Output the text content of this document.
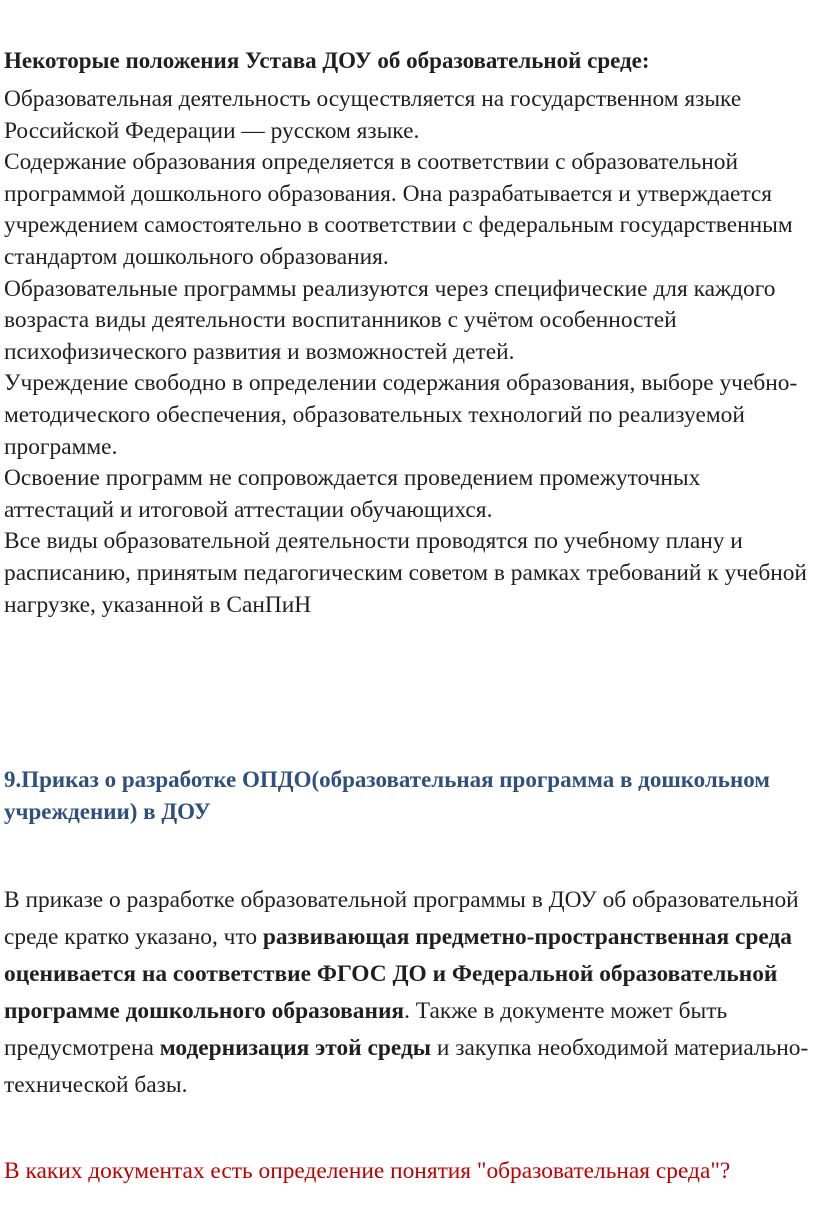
Некоторые положения Устава ДОУ об образовательной среде:

Образовательная деятельность осуществляется на государственном языке Российской Федерации — русском языке.

Содержание образования определяется в соответствии с образовательной программой дошкольного образования. Она разрабатывается и утверждается учреждением самостоятельно в соответствии с федеральным государственным стандартом дошкольного образования.

Образовательные программы реализуются через специфические для каждого возраста виды деятельности воспитанников с учётом особенностей психофизического развития и возможностей детей.

Учреждение свободно в определении содержания образования, выборе учебно-методического обеспечения, образовательных технологий по реализуемой программе.

Освоение программ не сопровождается проведением промежуточных аттестаций и итоговой аттестации обучающихся.

Все виды образовательной деятельности проводятся по учебному плану и расписанию, принятым педагогическим советом в рамках требований к учебной нагрузке, указанной в СанПиН

9.Приказ о разработке ОПДО(образовательная программа в дошкольном учреждении) в ДОУ

В приказе о разработке образовательной программы в ДОУ об образовательной среде кратко указано, что развивающая предметно-пространственная среда оценивается на соответствие ФГОС ДО и Федеральной образовательной программе дошкольного образования. Также в документе может быть предусмотрена модернизация этой среды и закупка необходимой материально-технической базы.

В каких документах есть определение понятия "образовательная среда"?
